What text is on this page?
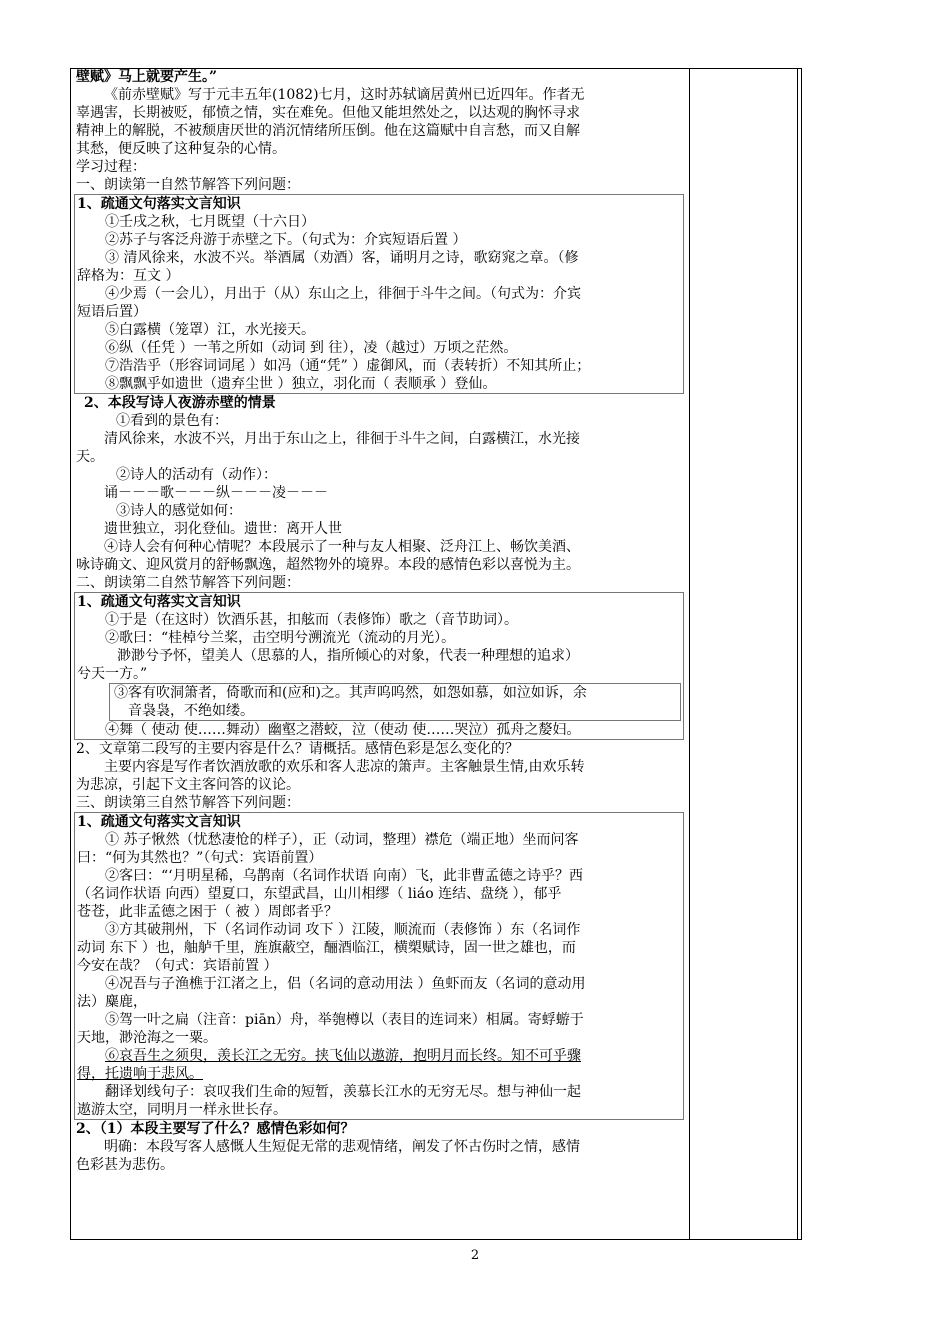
壁赋》马上就要产生。”
《前赤壁赋》写于元丰五年(1082)七月，这时苏轼谪居黄州已近四年。作者无
辜遇害，长期被贬，郁愤之情，实在难免。但他又能坦然处之，以达观的胸怀寻求
精神上的解脱，不被颓唐厌世的消沉情绪所压倒。他在这篇赋中自言愁，而又自解
其愁，便反映了这种复杂的心情。
学习过程：
一、朗读第一自然节解答下列问题：
1、疏通文句落实文言知识
①壬戌之秋，七月既望（十六日）
②苏子与客泛舟游于赤壁之下。（句式为：介宾短语后置 ）
③ 清风徐来，水波不兴。举酒属（劝酒）客，诵明月之诗，歌窈窕之章。（修
辞格为：互文 ）
④少焉（一会儿），月出于（从）东山之上，徘徊于斗牛之间。（句式为：介宾
短语后置）
⑤白露横（笼罩）江，水光接天。
⑥纵（任凭 ）一苇之所如（动词 到 往），凌（越过）万顷之茫然。
⑦浩浩乎（形容词词尾 ）如冯（通“凭” ）虚御风，而（表转折）不知其所止；
⑧飘飘乎如遗世（遗弃尘世 ）独立，羽化而（ 表顺承 ）登仙。
2、本段写诗人夜游赤壁的情景
①看到的景色有：
清风徐来，水波不兴，月出于东山之上，徘徊于斗牛之间，白露横江，水光接
天。
②诗人的活动有（动作）：
诵－－－歌－－－纵－－－凌－－－
③诗人的感觉如何：
遗世独立，羽化登仙。遗世：离开人世
④诗人会有何种心情呢？本段展示了一种与友人相聚、泛舟江上、畅饮美酒、
咏诗确文、迎风赏月的舒畅飘逸，超然物外的境界。本段的感情色彩以喜悦为主。
二、朗读第二自然节解答下列问题：
1、疏通文句落实文言知识
①于是（在这时）饮酒乐甚，扣舷而（表修饰）歌之（音节助词）。
②歌曰：“桂棹兮兰桨，击空明兮溯流光（流动的月光）。
渺渺兮予怀，望美人（思慕的人，指所倾心的对象，代表一种理想的追求）
兮天一方。”
③客有吹洞箫者，倚歌而和(应和)之。其声呜呜然，如怨如慕，如泣如诉，余
音袅袅，不绝如缕。
④舞（ 使动 使……舞动）幽壑之潜蛟，泣（使动 使……哭泣）孤舟之嫠妇。
2、文章第二段写的主要内容是什么？请概括。感情色彩是怎么变化的？
主要内容是写作者饮酒放歌的欢乐和客人悲凉的箫声。主客触景生情,由欢乐转
为悲凉，引起下文主客问答的议论。
三、朗读第三自然节解答下列问题：
1、疏通文句落实文言知识
① 苏子愀然（忧愁凄怆的样子），正（动词，整理）襟危（端正地）坐而问客
曰：“何为其然也？”（句式：宾语前置）
②客曰：“‘月明星稀，乌鹊南（名词作状语 向南）飞，此非曹孟德之诗乎？西
（名词作状语 向西）望夏口，东望武昌，山川相缪（ liáo 连结、盘绕 ），郁乎
苍苍，此非孟德之困于（ 被 ）周郎者乎？
③方其破荆州，下（名词作动词 攻下 ）江陵，顺流而（表修饰 ）东（名词作
动词 东下 ）也，舳舻千里，旌旗蔽空，酾酒临江，横槊赋诗，固一世之雄也，而
今安在哉？（句式：宾语前置 ）
④况吾与子渔樵于江渚之上，侣（名词的意动用法 ）鱼虾而友（名词的意动用
法）麋鹿，
⑤驾一叶之扁（注音：piān）舟，举匏樽以（表目的连词来）相属。寄蜉蝣于
天地，渺沧海之一粟。
⑥哀吾生之须臾，羡长江之无穷。挟飞仙以遨游，抱明月而长终。知不可乎骤
得，托遗响于悲风。
翻译划线句子：哀叹我们生命的短暂，羡慕长江水的无穷无尽。想与神仙一起
遨游太空，同明月一样永世长存。
2、（1）本段主要写了什么？感情色彩如何？
明确：本段写客人感慨人生短促无常的悲观情绪，阐发了怀古伤时之情，感情
色彩甚为悲伤。
2
